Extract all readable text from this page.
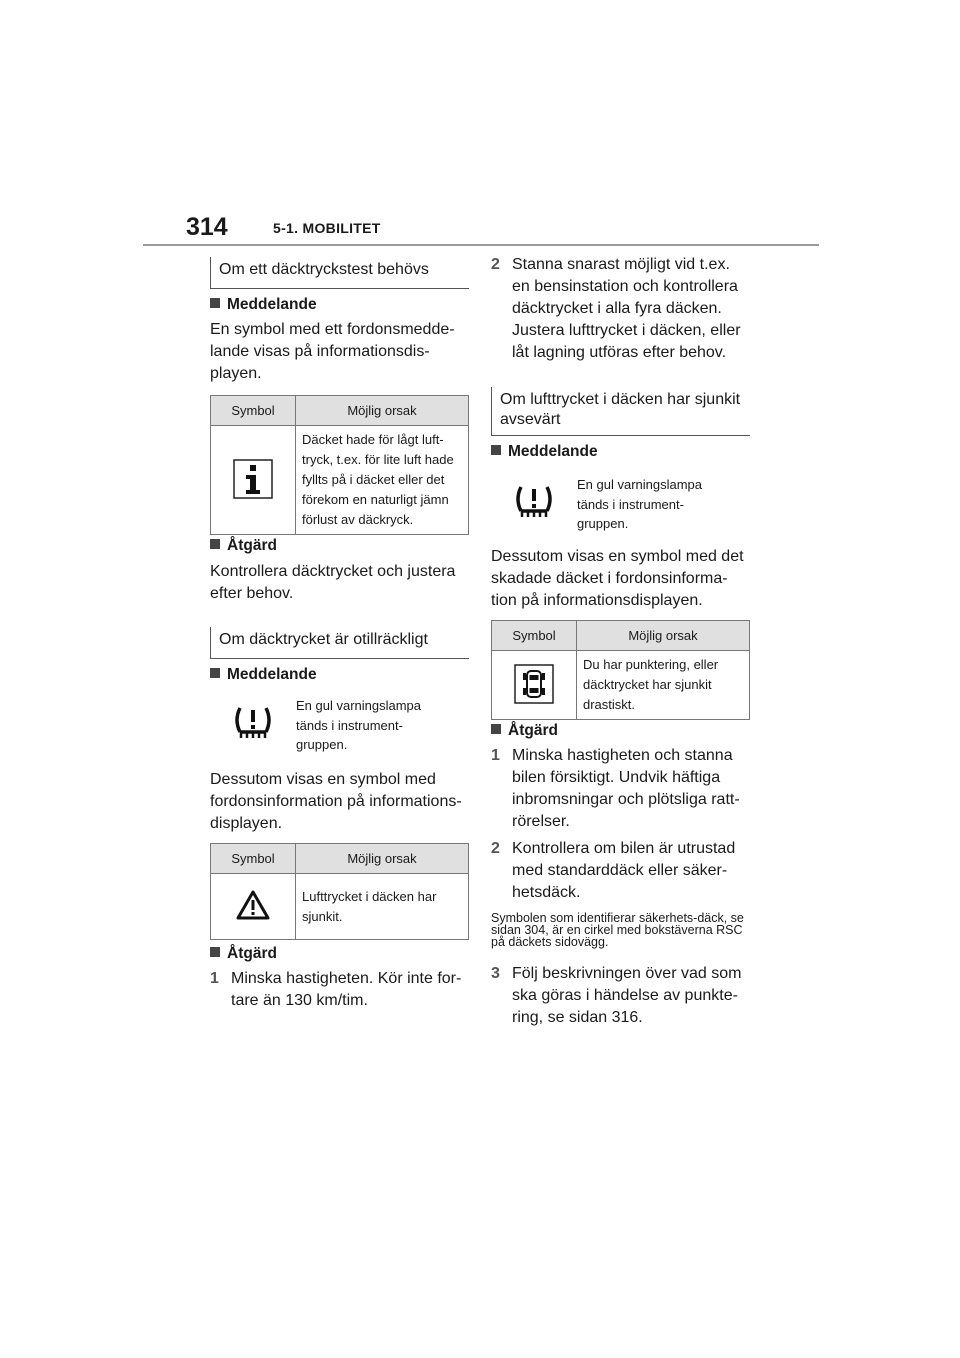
314	5-1. MOBILITET
Om ett däcktryckstest behövs
Meddelande
En symbol med ett fordonsmedde-lande visas på informationsdis-playen.
Symbol	Möjlig orsak
	Däcket hade för lågt luft-tryck, t.ex. för lite luft hade fyllts på i däcket eller det förekom en naturligt jämn förlust av däckryck.
Åtgärd
Kontrollera däcktrycket och justera efter behov.
Om däcktrycket är otillräckligt
Meddelande
En gul varningslampa tänds i instrument-gruppen.
Dessutom visas en symbol med fordonsinformation på informations-displayen.
Symbol	Möjlig orsak
	Lufttrycket i däcken har sjunkit.
Åtgärd
1 Minska hastigheten. Kör inte for-tare än 130 km/tim.
2 Stanna snarast möjligt vid t.ex. en bensinstation och kontrollera däcktrycket i alla fyra däcken. Justera lufttrycket i däcken, eller låt lagning utföras efter behov.
Om lufttrycket i däcken har sjunkit avsevärt
Meddelande
En gul varningslampa tänds i instrument-gruppen.
Dessutom visas en symbol med det skadade däcket i fordonsinforma-tion på informationsdisplayen.
Symbol	Möjlig orsak
	Du har punktering, eller däcktrycket har sjunkit drastiskt.
Åtgärd
1 Minska hastigheten och stanna bilen försiktigt. Undvik häftiga inbromsningar och plötsliga ratt-rörelser.
2 Kontrollera om bilen är utrustad med standarddäck eller säker-hetsdäck.
Symbolen som identifierar säkerhets-däck, se sidan 304, är en cirkel med bokstäverna RSC på däckets sidovägg.
3 Följ beskrivningen över vad som ska göras i händelse av punkte-ring, se sidan 316.
